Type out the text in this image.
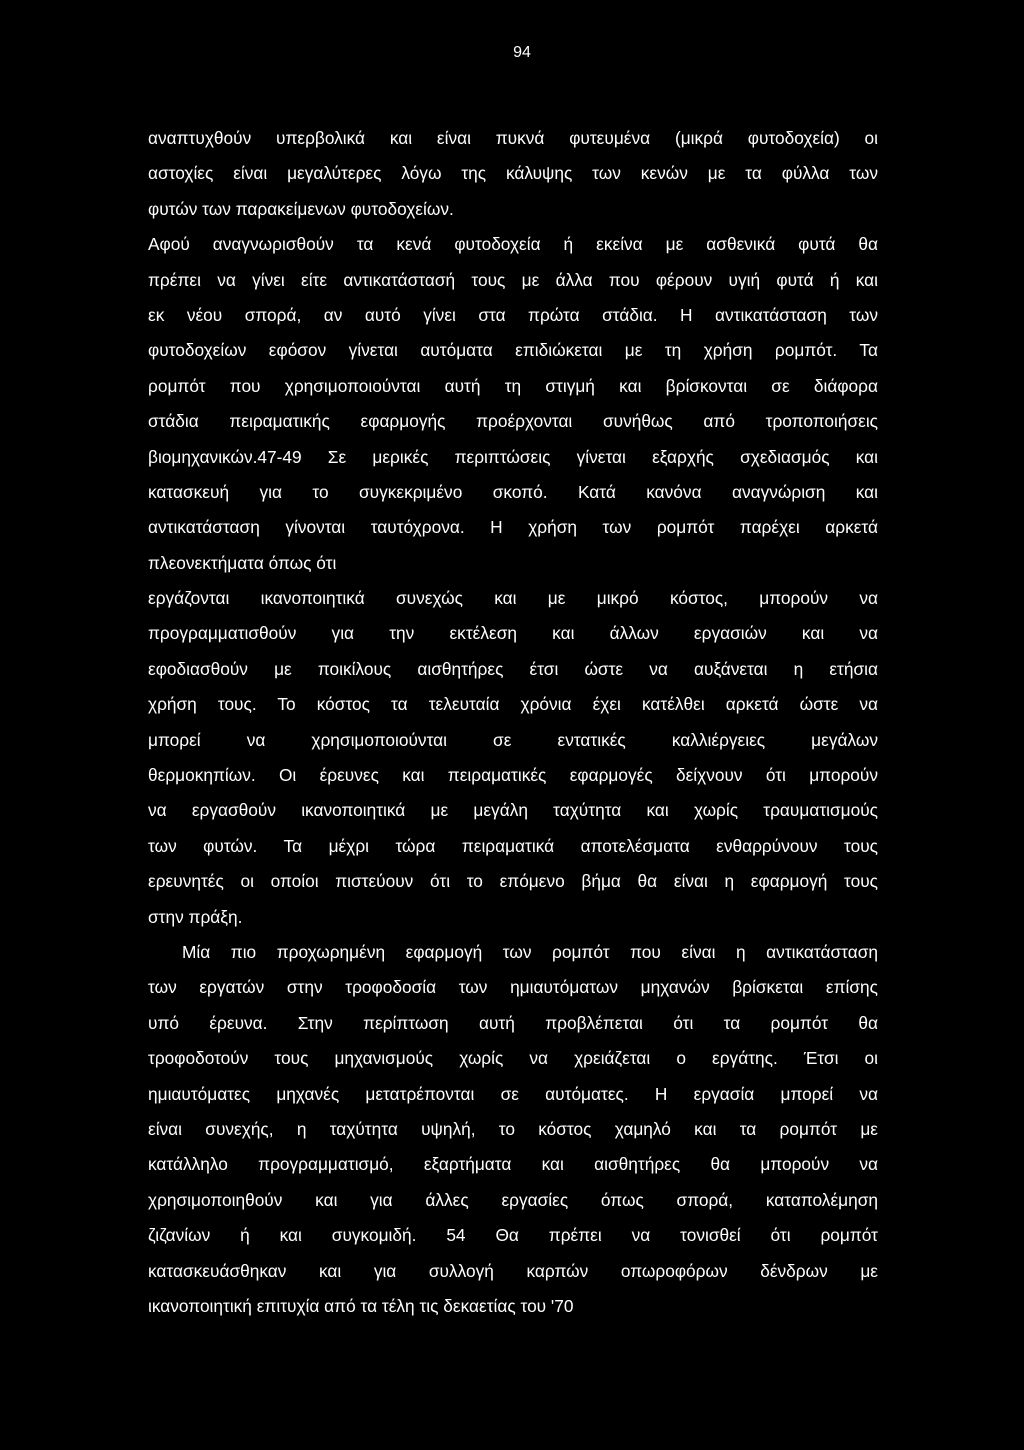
94
αναπτυχθούν υπερβολικά και είναι πυκνά φυτευμένα (μικρά φυτοδοχεία) οι
αστοχίες είναι μεγαλύτερες λόγω της κάλυψης των κενών με τα φύλλα των
φυτών των παρακείμενων φυτοδοχείων.
Αφού αναγνωρισθούν τα κενά φυτοδοχεία ή εκείνα με ασθενικά φυτά θα
πρέπει να γίνει είτε αντικατάστασή τους με άλλα που φέρουν υγιή φυτά ή και
εκ νέου σπορά, αν αυτό γίνει στα πρώτα στάδια. Η αντικατάσταση των
φυτοδοχείων εφόσον γίνεται αυτόματα επιδιώκεται με τη χρήση ρομπότ. Τα
ρομπότ που χρησιμοποιούνται αυτή τη στιγμή και βρίσκονται σε διάφορα
στάδια πειραματικής εφαρμογής προέρχονται συνήθως από τροποποιήσεις
βιομηχανικών.47-49 Σε μερικές περιπτώσεις γίνεται εξαρχής σχεδιασμός και
κατασκευή για το συγκεκριμένο σκοπό. Κατά κανόνα αναγνώριση και
αντικατάσταση γίνονται ταυτόχρονα. Η χρήση των ρομπότ παρέχει αρκετά
πλεονεκτήματα όπως ότι
εργάζονται ικανοποιητικά συνεχώς και με μικρό κόστος, μπορούν να
προγραμματισθούν για την εκτέλεση και άλλων εργασιών και να
εφοδιασθούν με ποικίλους αισθητήρες έτσι ώστε να αυξάνεται η ετήσια
χρήση τους. Το κόστος τα τελευταία χρόνια έχει κατέλθει αρκετά ώστε να
μπορεί να χρησιμοποιούνται σε εντατικές καλλιέργειες μεγάλων
θερμοκηπίων. Οι έρευνες και πειραματικές εφαρμογές δείχνουν ότι μπορούν
να εργασθούν ικανοποιητικά με μεγάλη ταχύτητα και χωρίς τραυματισμούς
των φυτών. Τα μέχρι τώρα πειραματικά αποτελέσματα ενθαρρύνουν τους
ερευνητές οι οποίοι πιστεύουν ότι το επόμενο βήμα θα είναι η εφαρμογή τους
στην πράξη.
Μία πιο προχωρημένη εφαρμογή των ρομπότ που είναι η αντικατάσταση
των εργατών στην τροφοδοσία των ημιαυτόματων μηχανών βρίσκεται επίσης
υπό έρευνα. Στην περίπτωση αυτή προβλέπεται ότι τα ρομπότ θα
τροφοδοτούν τους μηχανισμούς χωρίς να χρειάζεται ο εργάτης. Έτσι οι
ημιαυτόματες μηχανές μετατρέπονται σε αυτόματες. Η εργασία μπορεί να
είναι συνεχής, η ταχύτητα υψηλή, το κόστος χαμηλό και τα ρομπότ με
κατάλληλο προγραμματισμό, εξαρτήματα και αισθητήρες θα μπορούν να
χρησιμοποιηθούν και για άλλες εργασίες όπως σπορά, καταπολέμηση
ζιζανίων ή και συγκομιδή. 54 Θα πρέπει να τονισθεί ότι ρομπότ
κατασκευάσθηκαν και για συλλογή καρπών οπωροφόρων δένδρων με
ικανοποιητική επιτυχία από τα τέλη τις δεκαετίας του '70
